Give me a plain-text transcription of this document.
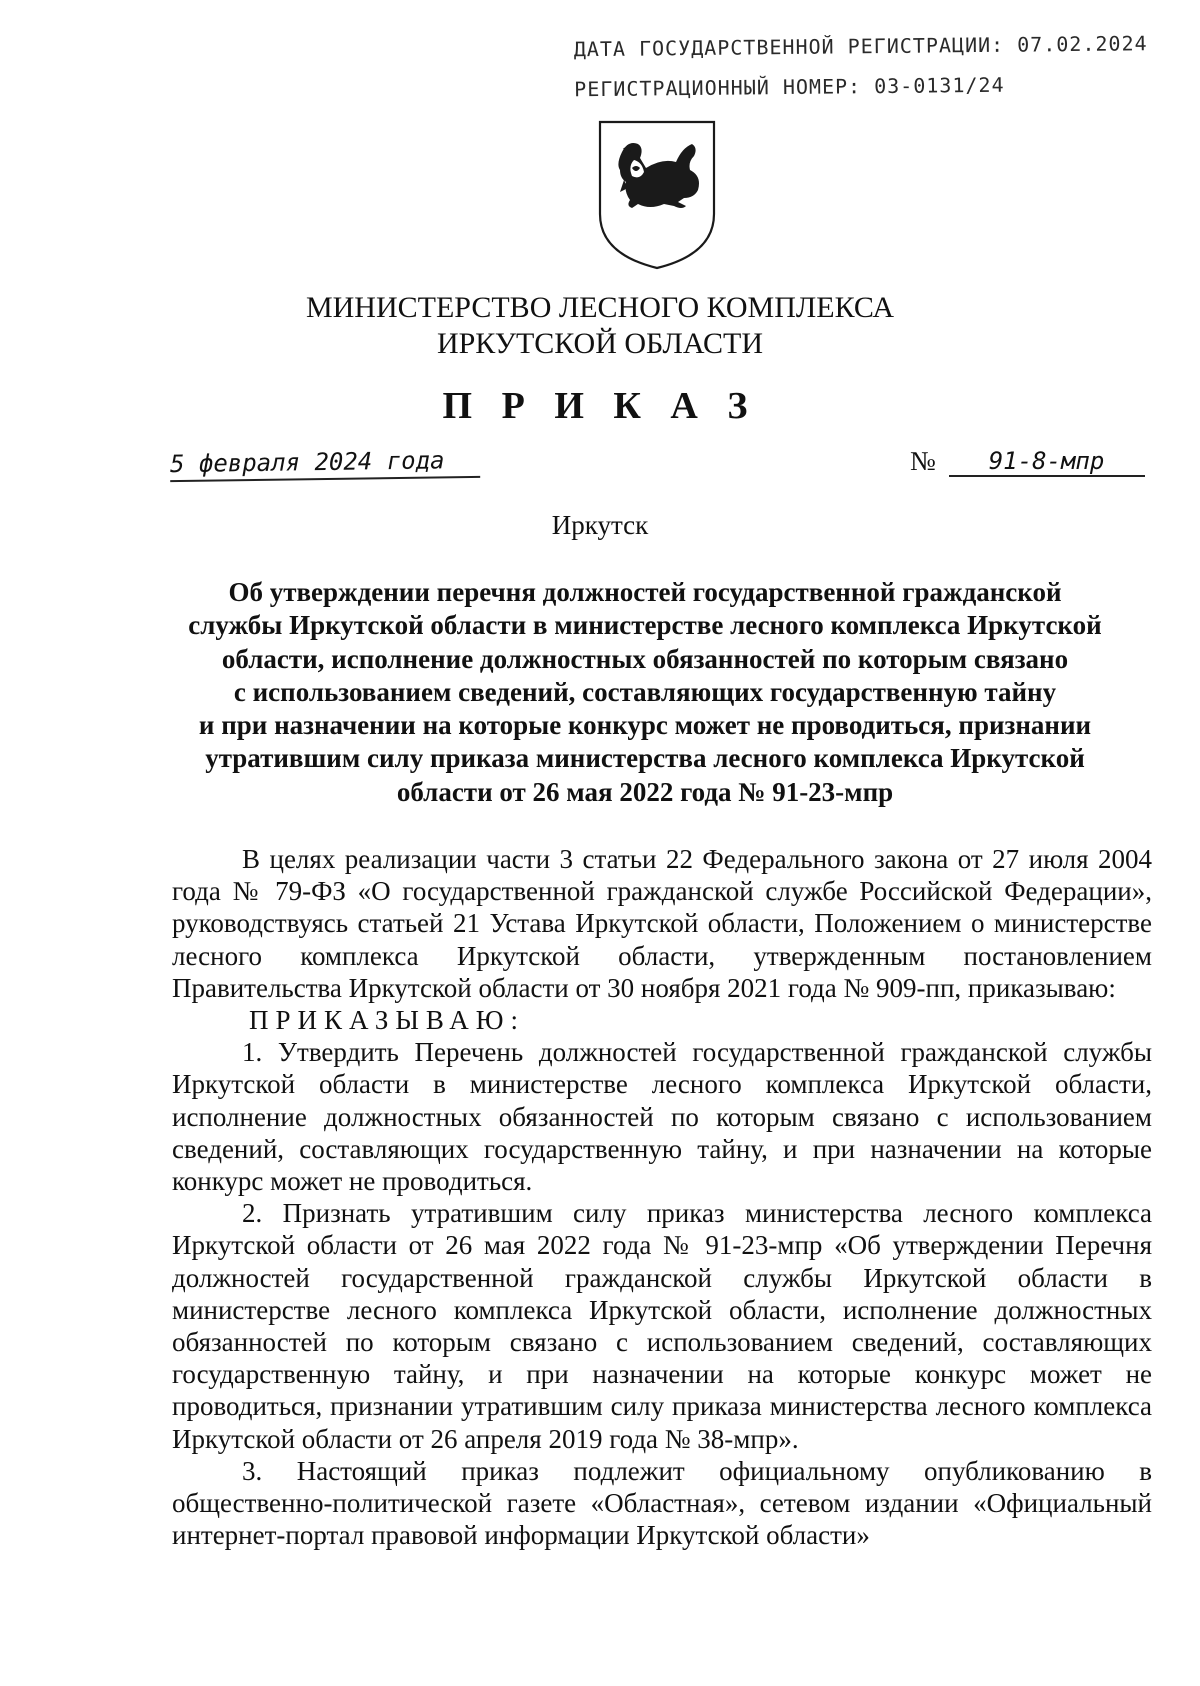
ДАТА ГОСУДАРСТВЕННОЙ РЕГИСТРАЦИИ: 07.02.2024
РЕГИСТРАЦИОННЫЙ НОМЕР: 03-0131/24
МИНИСТЕРСТВО ЛЕСНОГО КОМПЛЕКСА
ИРКУТСКОЙ ОБЛАСТИ
П Р И К А З
5 февраля 2024 года	№ 91-8-мпр
Иркутск
Об утверждении перечня должностей государственной гражданской
службы Иркутской области в министерстве лесного комплекса Иркутской
области, исполнение должностных обязанностей по которым связано
с использованием сведений, составляющих государственную тайну
и при назначении на которые конкурс может не проводиться, признании
утратившим силу приказа министерства лесного комплекса Иркутской
области от 26 мая 2022 года № 91-23-мпр

В целях реализации части 3 статьи 22 Федерального закона от 27 июля 2004 года № 79-ФЗ «О государственной гражданской службе Российской Федерации», руководствуясь статьей 21 Устава Иркутской области, Положением о министерстве лесного комплекса Иркутской области, утвержденным постановлением Правительства Иркутской области от 30 ноября 2021 года № 909-пп, приказываю:

ПРИКАЗЫВАЮ:

1. Утвердить Перечень должностей государственной гражданской службы Иркутской области в министерстве лесного комплекса Иркутской области, исполнение должностных обязанностей по которым связано с использованием сведений, составляющих государственную тайну, и при назначении на которые конкурс может не проводиться.

2. Признать утратившим силу приказ министерства лесного комплекса Иркутской области от 26 мая 2022 года № 91-23-мпр «Об утверждении Перечня должностей государственной гражданской службы Иркутской области в министерстве лесного комплекса Иркутской области, исполнение должностных обязанностей по которым связано с использованием сведений, составляющих государственную тайну, и при назначении на которые конкурс может не проводиться, признании утратившим силу приказа министерства лесного комплекса Иркутской области от 26 апреля 2019 года № 38-мпр».

3. Настоящий приказ подлежит официальному опубликованию в общественно-политической газете «Областная», сетевом издании «Официальный интернет-портал правовой информации Иркутской области»
